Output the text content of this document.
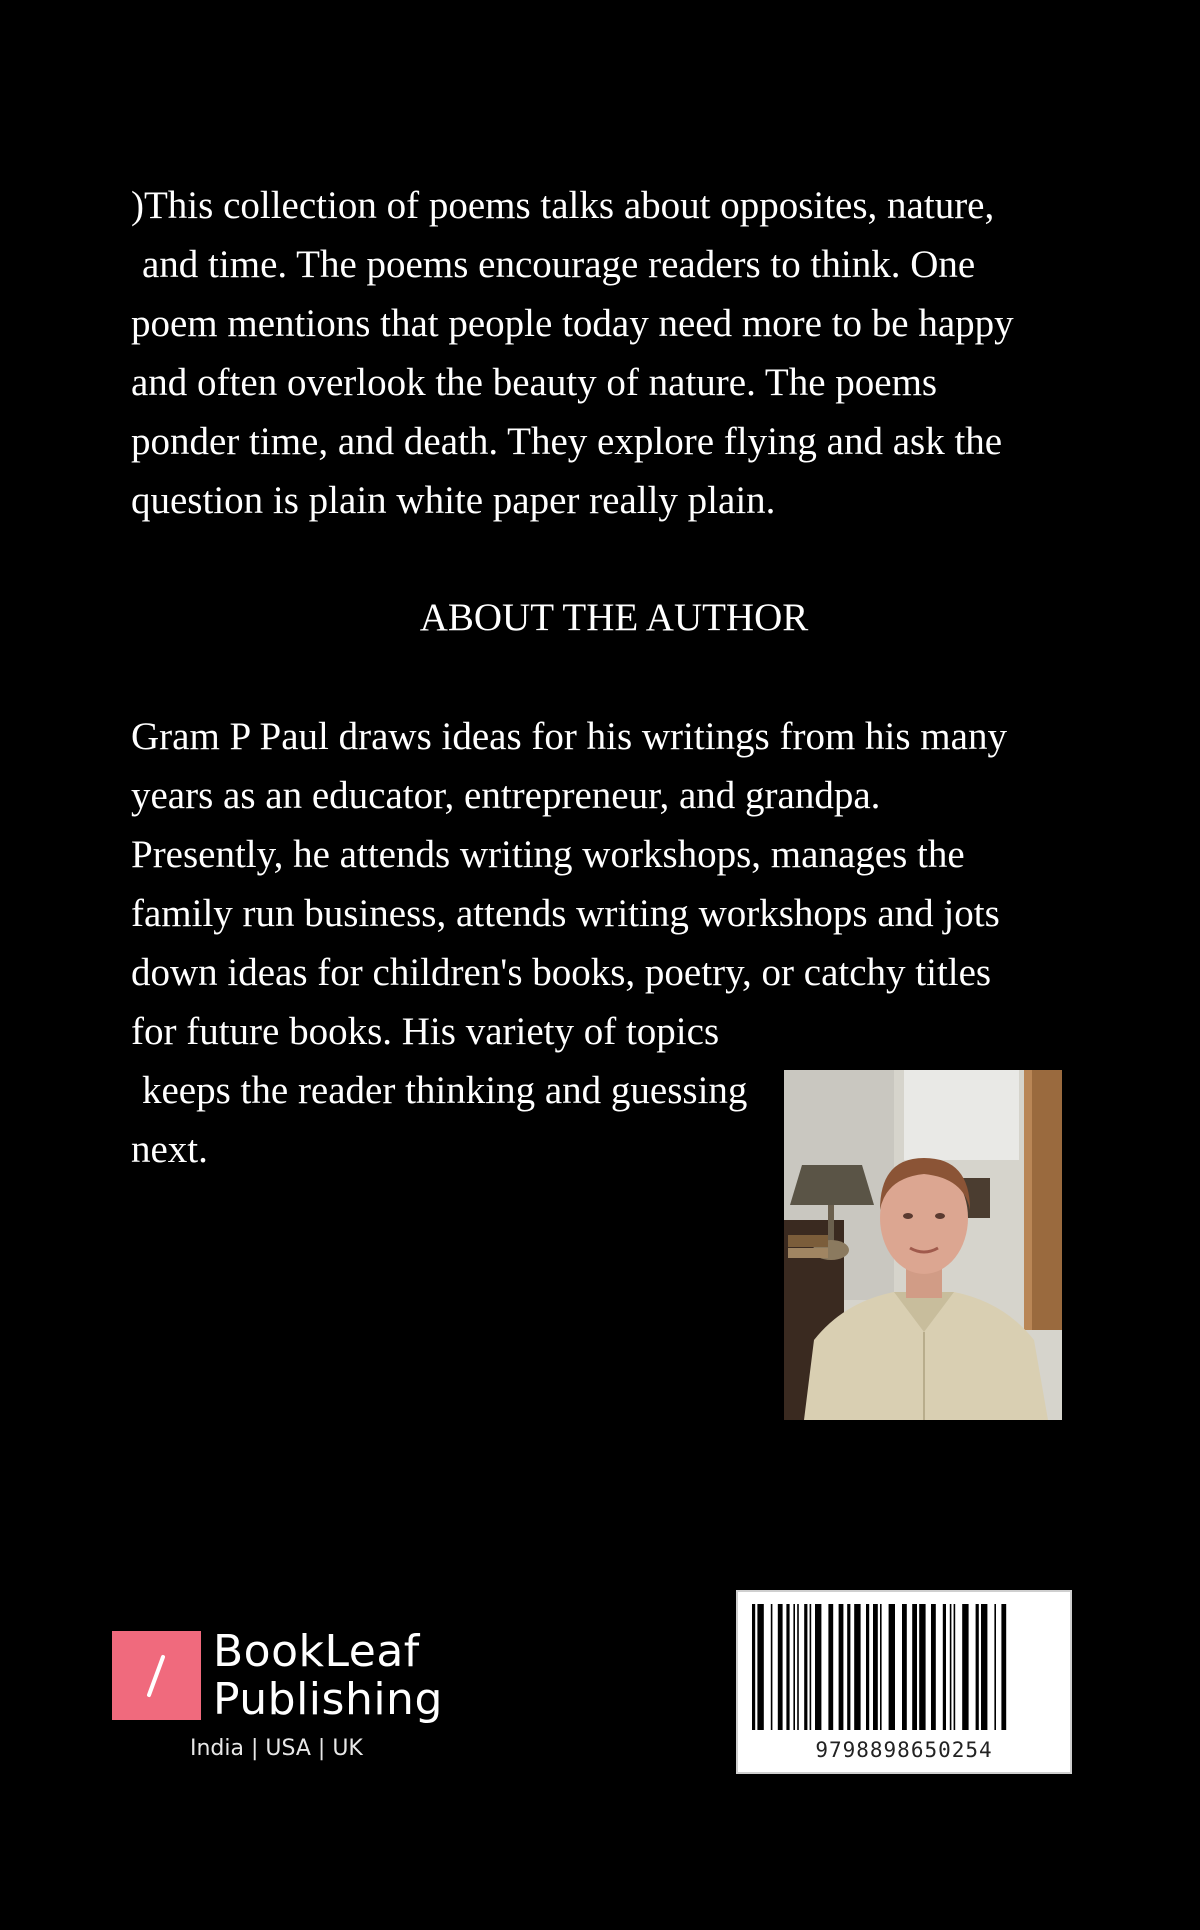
)This collection of poems talks about opposites, nature,
and time. The poems encourage readers to think. One
poem mentions that people today need more to be happy
and often overlook the beauty of nature. The poems
ponder time, and death. They explore flying and ask the
question is plain white paper really plain.
ABOUT THE AUTHOR
Gram P Paul draws ideas for his writings from his many
years as an educator, entrepreneur, and grandpa.
Presently, he attends writing workshops, manages the
family run business, attends writing workshops and jots
down ideas for children's books, poetry, or catchy titles
for future books. His variety of topics
keeps the reader thinking and guessing
next.
BookLeaf
Publishing
India | USA | UK	9798898650254
